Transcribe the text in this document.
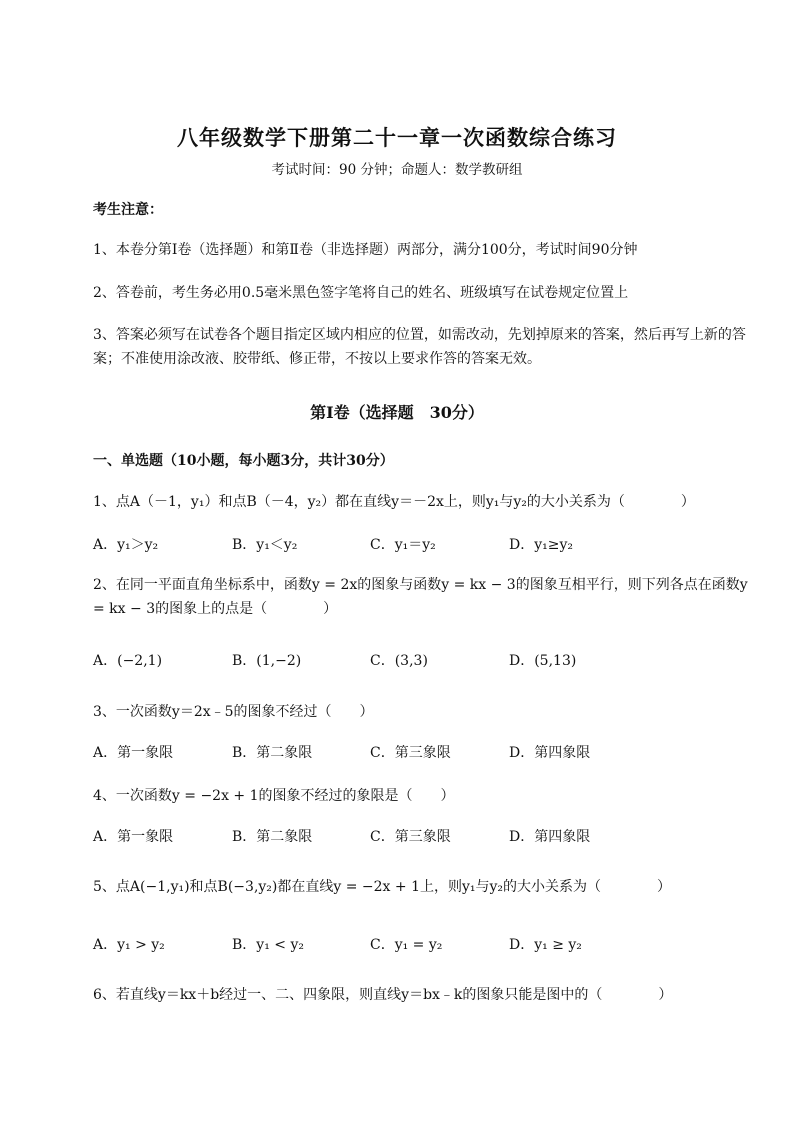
八年级数学下册第二十一章一次函数综合练习
考试时间：90 分钟；命题人：数学教研组
考生注意：
1、本卷分第Ⅰ卷（选择题）和第Ⅱ卷（非选择题）两部分，满分100分，考试时间90分钟
2、答卷前，考生务必用0.5毫米黑色签字笔将自己的姓名、班级填写在试卷规定位置上
3、答案必须写在试卷各个题目指定区域内相应的位置，如需改动，先划掉原来的答案，然后再写上新的答案；不准使用涂改液、胶带纸、修正带，不按以上要求作答的答案无效。
第Ⅰ卷（选择题　30分）
一、单选题（10小题，每小题3分，共计30分）
1、点A（－1，y₁）和点B（－4，y₂）都在直线y＝－2x上，则y₁与y₂的大小关系为（　　　　）
A．y₁＞y₂	B．y₁＜y₂	C．y₁＝y₂	D．y₁≥y₂
2、在同一平面直角坐标系中，函数y = 2x的图象与函数y = kx − 3的图象互相平行，则下列各点在函数y = kx − 3的图象上的点是（　　　　）
A．(−2,1)	B．(1,−2)	C．(3,3)	D．(5,13)
3、一次函数y＝2x﹣5的图象不经过（　　）
A．第一象限	B．第二象限	C．第三象限	D．第四象限
4、一次函数y = −2x + 1的图象不经过的象限是（　　）
A．第一象限	B．第二象限	C．第三象限	D．第四象限
5、点A(−1,y₁)和点B(−3,y₂)都在直线y = −2x + 1上，则y₁与y₂的大小关系为（　　　　）
A．y₁ > y₂	B．y₁ < y₂	C．y₁ = y₂	D．y₁ ≥ y₂
6、若直线y＝kx＋b经过一、二、四象限，则直线y＝bx﹣k的图象只能是图中的（　　　　）
